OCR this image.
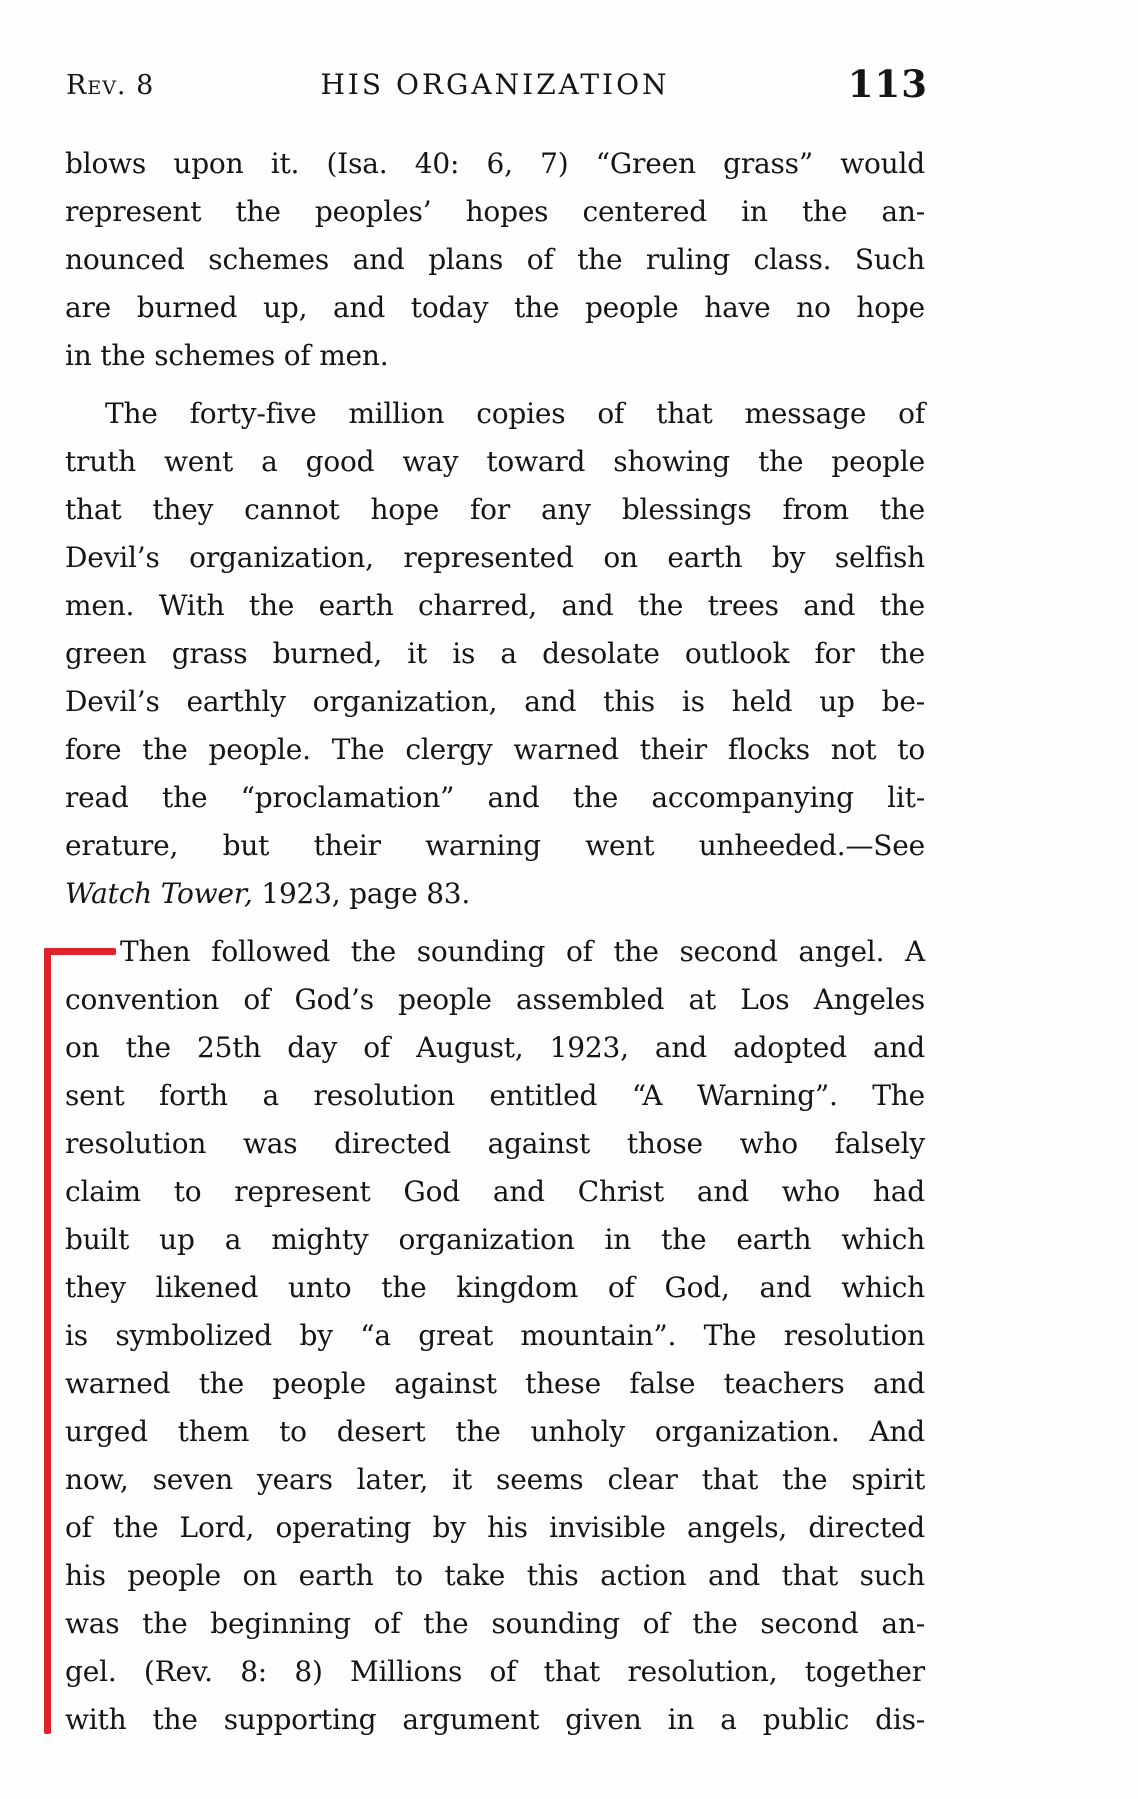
Rev. 8	HIS ORGANIZATION	113
blows upon it. (Isa. 40: 6, 7) “Green grass” would
represent the peoples’ hopes centered in the an-
nounced schemes and plans of the ruling class. Such
are burned up, and today the people have no hope
in the schemes of men.
The forty-five million copies of that message of
truth went a good way toward showing the people
that they cannot hope for any blessings from the
Devil’s organization, represented on earth by selfish
men. With the earth charred, and the trees and the
green grass burned, it is a desolate outlook for the
Devil’s earthly organization, and this is held up be-
fore the people. The clergy warned their flocks not to
read the “proclamation” and the accompanying lit-
erature, but their warning went unheeded.—See
Watch Tower, 1923, page 83.
Then followed the sounding of the second angel. A
convention of God’s people assembled at Los Angeles
on the 25th day of August, 1923, and adopted and
sent forth a resolution entitled “A Warning”. The
resolution was directed against those who falsely
claim to represent God and Christ and who had
built up a mighty organization in the earth which
they likened unto the kingdom of God, and which
is symbolized by “a great mountain”. The resolution
warned the people against these false teachers and
urged them to desert the unholy organization. And
now, seven years later, it seems clear that the spirit
of the Lord, operating by his invisible angels, directed
his people on earth to take this action and that such
was the beginning of the sounding of the second an-
gel. (Rev. 8: 8) Millions of that resolution, together
with the supporting argument given in a public dis-
